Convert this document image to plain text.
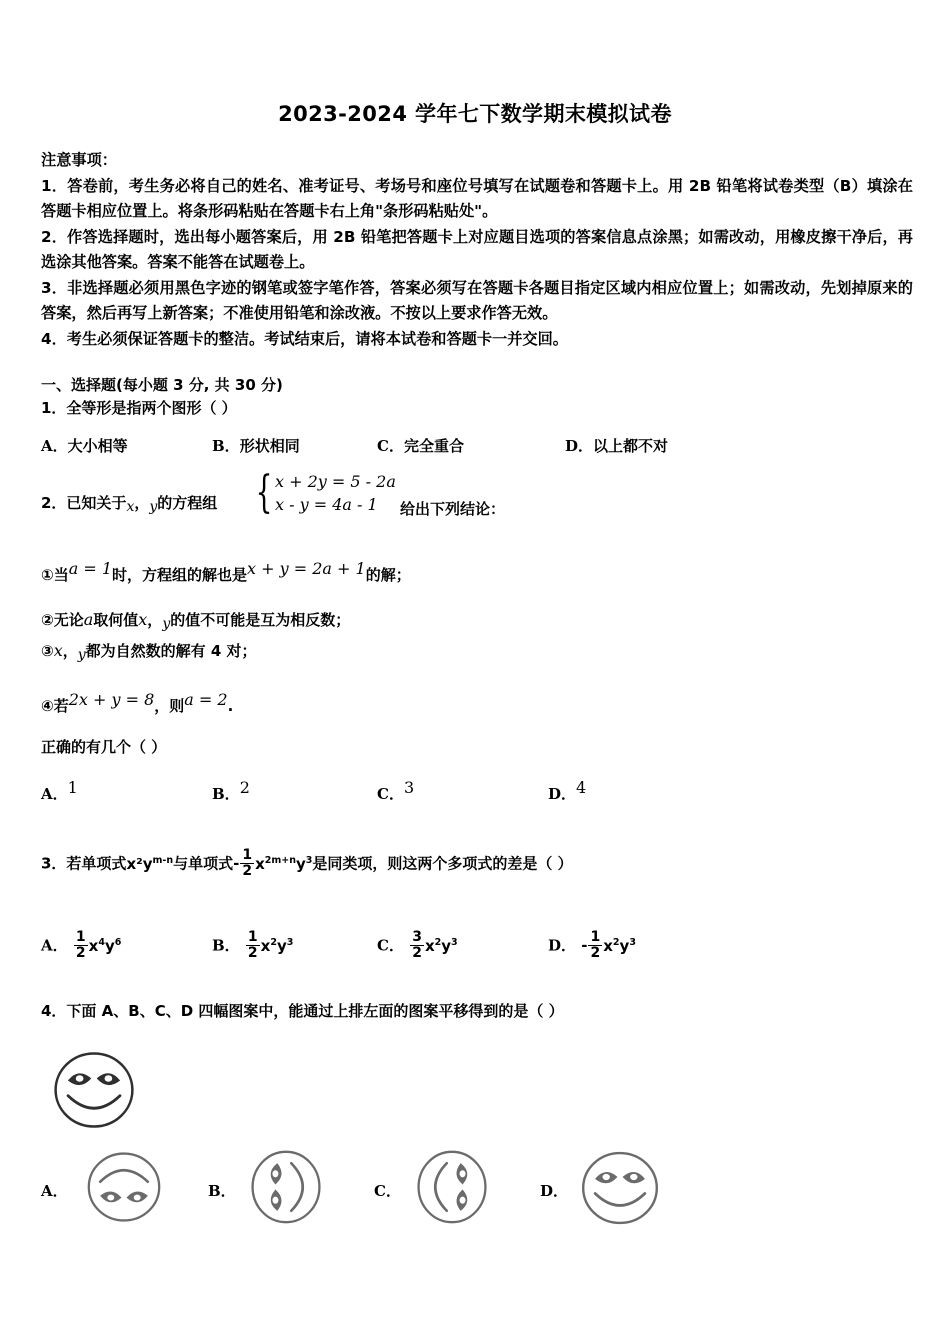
2023-2024 学年七下数学期末模拟试卷
注意事项：
1．答卷前，考生务必将自己的姓名、准考证号、考场号和座位号填写在试题卷和答题卡上。用 2B 铅笔将试卷类型（B）填涂在答题卡相应位置上。将条形码粘贴在答题卡右上角"条形码粘贴处"。
2．作答选择题时，选出每小题答案后，用 2B 铅笔把答题卡上对应题目选项的答案信息点涂黑；如需改动，用橡皮擦干净后，再选涂其他答案。答案不能答在试题卷上。
3．非选择题必须用黑色字迹的钢笔或签字笔作答，答案必须写在答题卡各题目指定区域内相应位置上；如需改动，先划掉原来的答案，然后再写上新答案；不准使用铅笔和涂改液。不按以上要求作答无效。
4．考生必须保证答题卡的整洁。考试结束后，请将本试卷和答题卡一并交回。
一、选择题(每小题 3 分, 共 30 分)
1．全等形是指两个图形（ ）
A．大小相等	B．形状相同	C．完全重合	D．以上都不对
2．已知关于x，y的方程组 { x + 2y = 5 - 2a
x - y = 4a - 1	给出下列结论：
①当a = 1时，方程组的解也是x + y = 2a + 1的解；
②无论a取何值x，y的值不可能是互为相反数；
③x，y都为自然数的解有 4 对；
④若2x + y = 8，则a = 2.
正确的有几个（ ）
A．1	B．2	C．3	D．4
3．若单项式$x^2y^{m-n}$与单项式- $\frac{1}{2} x^{2m+n}y^3$是同类项，则这两个多项式的差是（ ）
A． $\frac{1}{2} x^4y^6$	B． $\frac{1}{2} x^2y^3$	C． $\frac{3}{2} x^2y^3$	D． - $\frac{1}{2} x^2y^3$
4．下面 A、B、C、D 四幅图案中，能通过上排左面的图案平移得到的是（ ）
A．	B．	C．	D．
